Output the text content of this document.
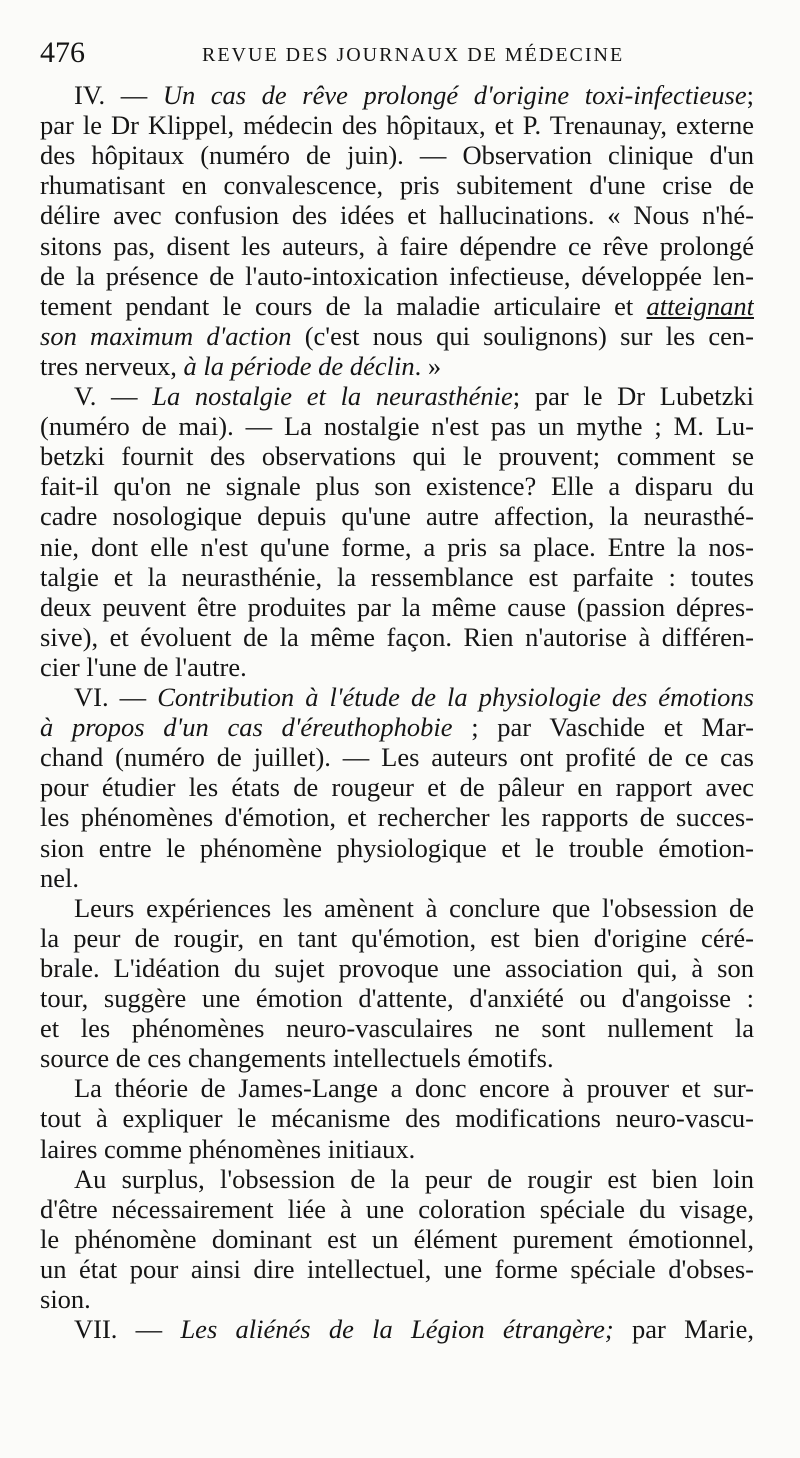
476	REVUE DES JOURNAUX DE MÉDECINE
IV. — Un cas de rêve prolongé d'origine toxi-infectieuse;
par le Dr Klippel, médecin des hôpitaux, et P. Trenaunay, externe
des hôpitaux (numéro de juin). — Observation clinique d'un
rhumatisant en convalescence, pris subitement d'une crise de
délire avec confusion des idées et hallucinations. « Nous n'hé-
sitons pas, disent les auteurs, à faire dépendre ce rêve prolongé
de la présence de l'auto-intoxication infectieuse, développée len-
tement pendant le cours de la maladie articulaire et atteignant
son maximum d'action (c'est nous qui soulignons) sur les cen-
tres nerveux, à la période de déclin. »
V. — La nostalgie et la neurasthénie; par le Dr Lubetzki
(numéro de mai). — La nostalgie n'est pas un mythe ; M. Lu-
betzki fournit des observations qui le prouvent; comment se
fait-il qu'on ne signale plus son existence? Elle a disparu du
cadre nosologique depuis qu'une autre affection, la neurasthé-
nie, dont elle n'est qu'une forme, a pris sa place. Entre la nos-
talgie et la neurasthénie, la ressemblance est parfaite : toutes
deux peuvent être produites par la même cause (passion dépres-
sive), et évoluent de la même façon. Rien n'autorise à différen-
cier l'une de l'autre.
VI. — Contribution à l'étude de la physiologie des émotions
à propos d'un cas d'éreuthophobie ; par Vaschide et Mar-
chand (numéro de juillet). — Les auteurs ont profité de ce cas
pour étudier les états de rougeur et de pâleur en rapport avec
les phénomènes d'émotion, et rechercher les rapports de succes-
sion entre le phénomène physiologique et le trouble émotion-
nel.
Leurs expériences les amènent à conclure que l'obsession de
la peur de rougir, en tant qu'émotion, est bien d'origine céré-
brale. L'idéation du sujet provoque une association qui, à son
tour, suggère une émotion d'attente, d'anxiété ou d'angoisse :
et les phénomènes neuro-vasculaires ne sont nullement la
source de ces changements intellectuels émotifs.
La théorie de James-Lange a donc encore à prouver et sur-
tout à expliquer le mécanisme des modifications neuro-vascu-
laires comme phénomènes initiaux.
Au surplus, l'obsession de la peur de rougir est bien loin
d'être nécessairement liée à une coloration spéciale du visage,
le phénomène dominant est un élément purement émotionnel,
un état pour ainsi dire intellectuel, une forme spéciale d'obses-
sion.
VII. — Les aliénés de la Légion étrangère; par Marie,
